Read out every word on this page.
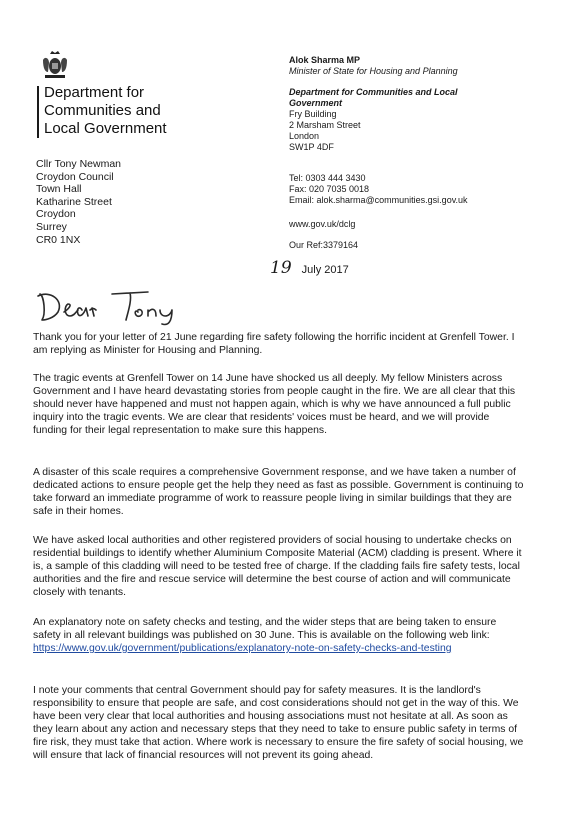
Department for
Communities and
Local Government
Alok Sharma MP
Minister of State for Housing and Planning
Department for Communities and Local
Government
Fry Building
2 Marsham Street
London
SW1P 4DF
Tel: 0303 444 3430
Fax: 020 7035 0018
Email: alok.sharma@communities.gsi.gov.uk
www.gov.uk/dclg
Our Ref:3379164
19 July 2017
Cllr Tony Newman
Croydon Council
Town Hall
Katharine Street
Croydon
Surrey
CR0 1NX

Thank you for your letter of 21 June regarding fire safety following the horrific incident at Grenfell Tower. I am replying as Minister for Housing and Planning.

The tragic events at Grenfell Tower on 14 June have shocked us all deeply. My fellow Ministers across Government and I have heard devastating stories from people caught in the fire. We are all clear that this should never have happened and must not happen again, which is why we have announced a full public inquiry into the tragic events. We are clear that residents' voices must be heard, and we will provide funding for their legal representation to make sure this happens.

A disaster of this scale requires a comprehensive Government response, and we have taken a number of dedicated actions to ensure people get the help they need as fast as possible. Government is continuing to take forward an immediate programme of work to reassure people living in similar buildings that they are safe in their homes.

We have asked local authorities and other registered providers of social housing to undertake checks on residential buildings to identify whether Aluminium Composite Material (ACM) cladding is present. Where it is, a sample of this cladding will need to be tested free of charge. If the cladding fails fire safety tests, local authorities and the fire and rescue service will determine the best course of action and will communicate closely with tenants.

An explanatory note on safety checks and testing, and the wider steps that are being taken to ensure safety in all relevant buildings was published on 30 June. This is available on the following web link:

https://www.gov.uk/government/publications/explanatory-note-on-safety-checks-and-testing

I note your comments that central Government should pay for safety measures. It is the landlord's responsibility to ensure that people are safe, and cost considerations should not get in the way of this. We have been very clear that local authorities and housing associations must not hesitate at all. As soon as they learn about any action and necessary steps that they need to take to ensure public safety in terms of fire risk, they must take that action. Where work is necessary to ensure the fire safety of social housing, we will ensure that lack of financial resources will not prevent its going ahead.
